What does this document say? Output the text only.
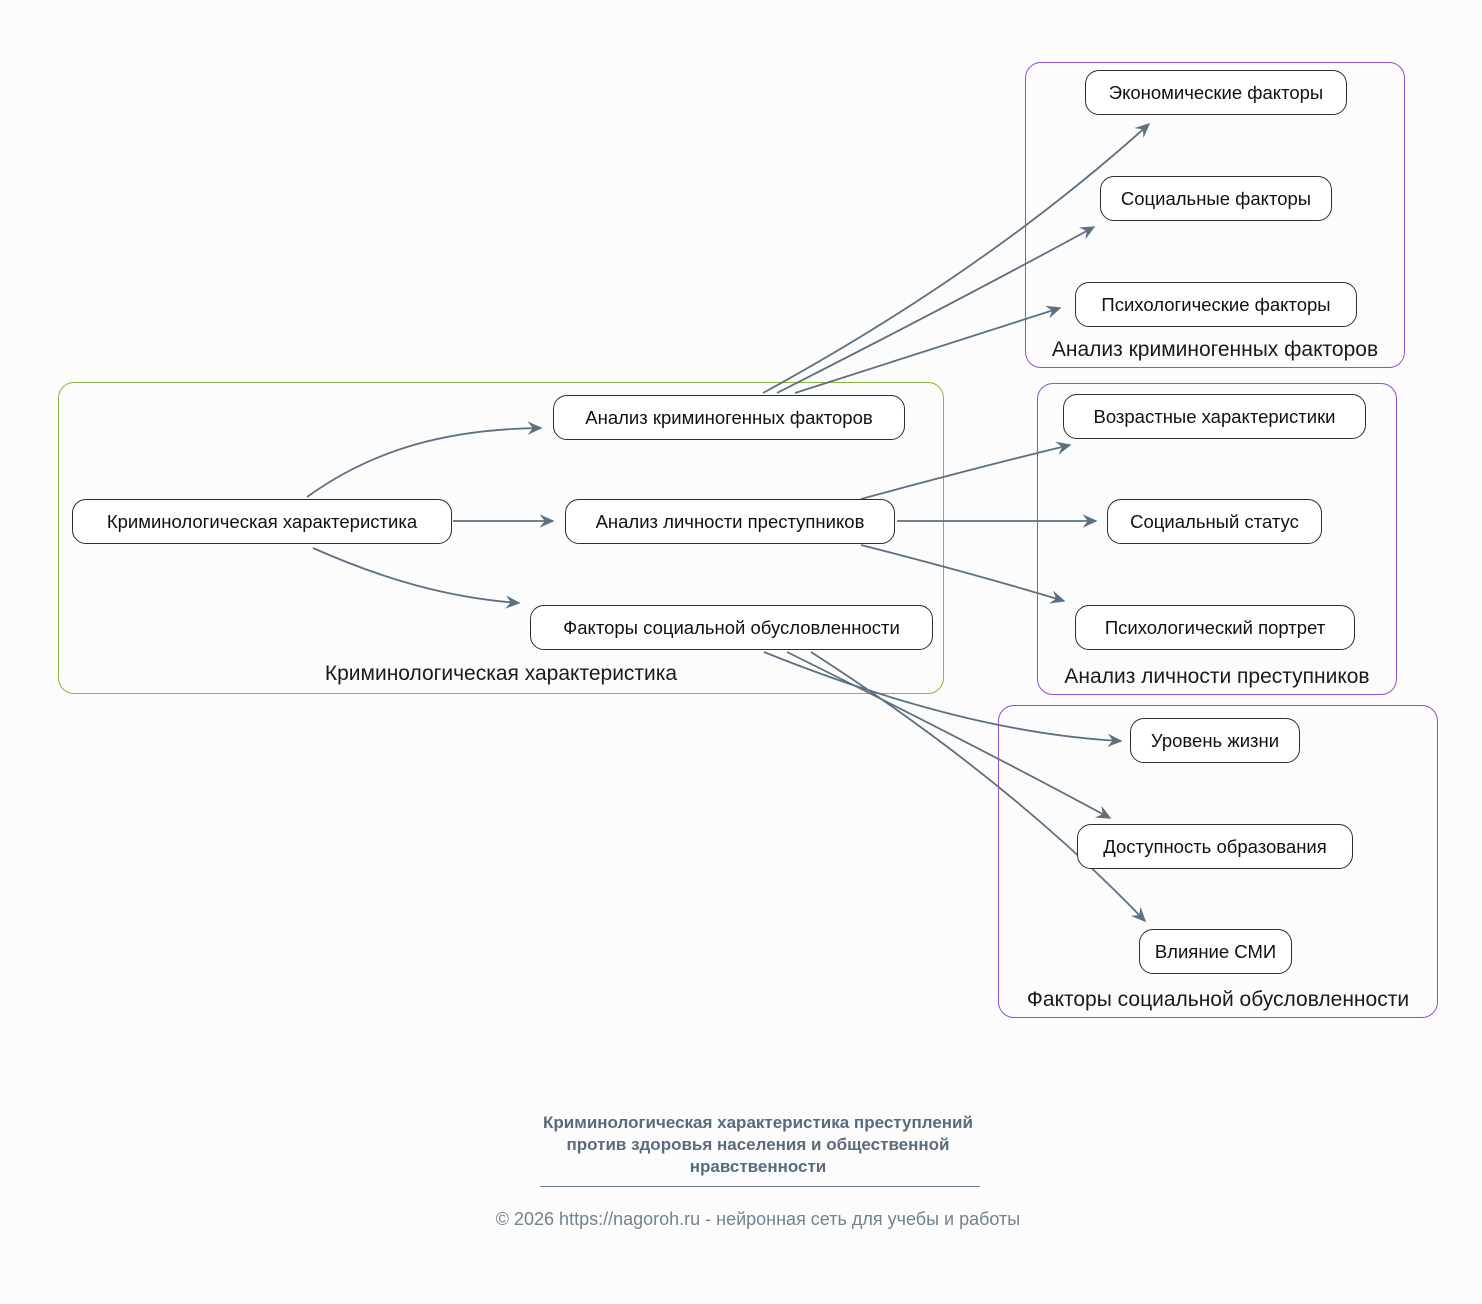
Криминологическая характеристика
Анализ криминогенных факторов
Анализ личности преступников
Факторы социальной обусловленности
Криминологическая характеристика
Анализ криминогенных факторов
Анализ личности преступников
Факторы социальной обусловленности
Экономические факторы
Социальные факторы
Психологические факторы
Возрастные характеристики
Социальный статус
Психологический портрет
Уровень жизни
Доступность образования
Влияние СМИ
Криминологическая характеристика преступлений против здоровья населения и общественной нравственности
© 2026 https://nagoroh.ru - нейронная сеть для учебы и работы
